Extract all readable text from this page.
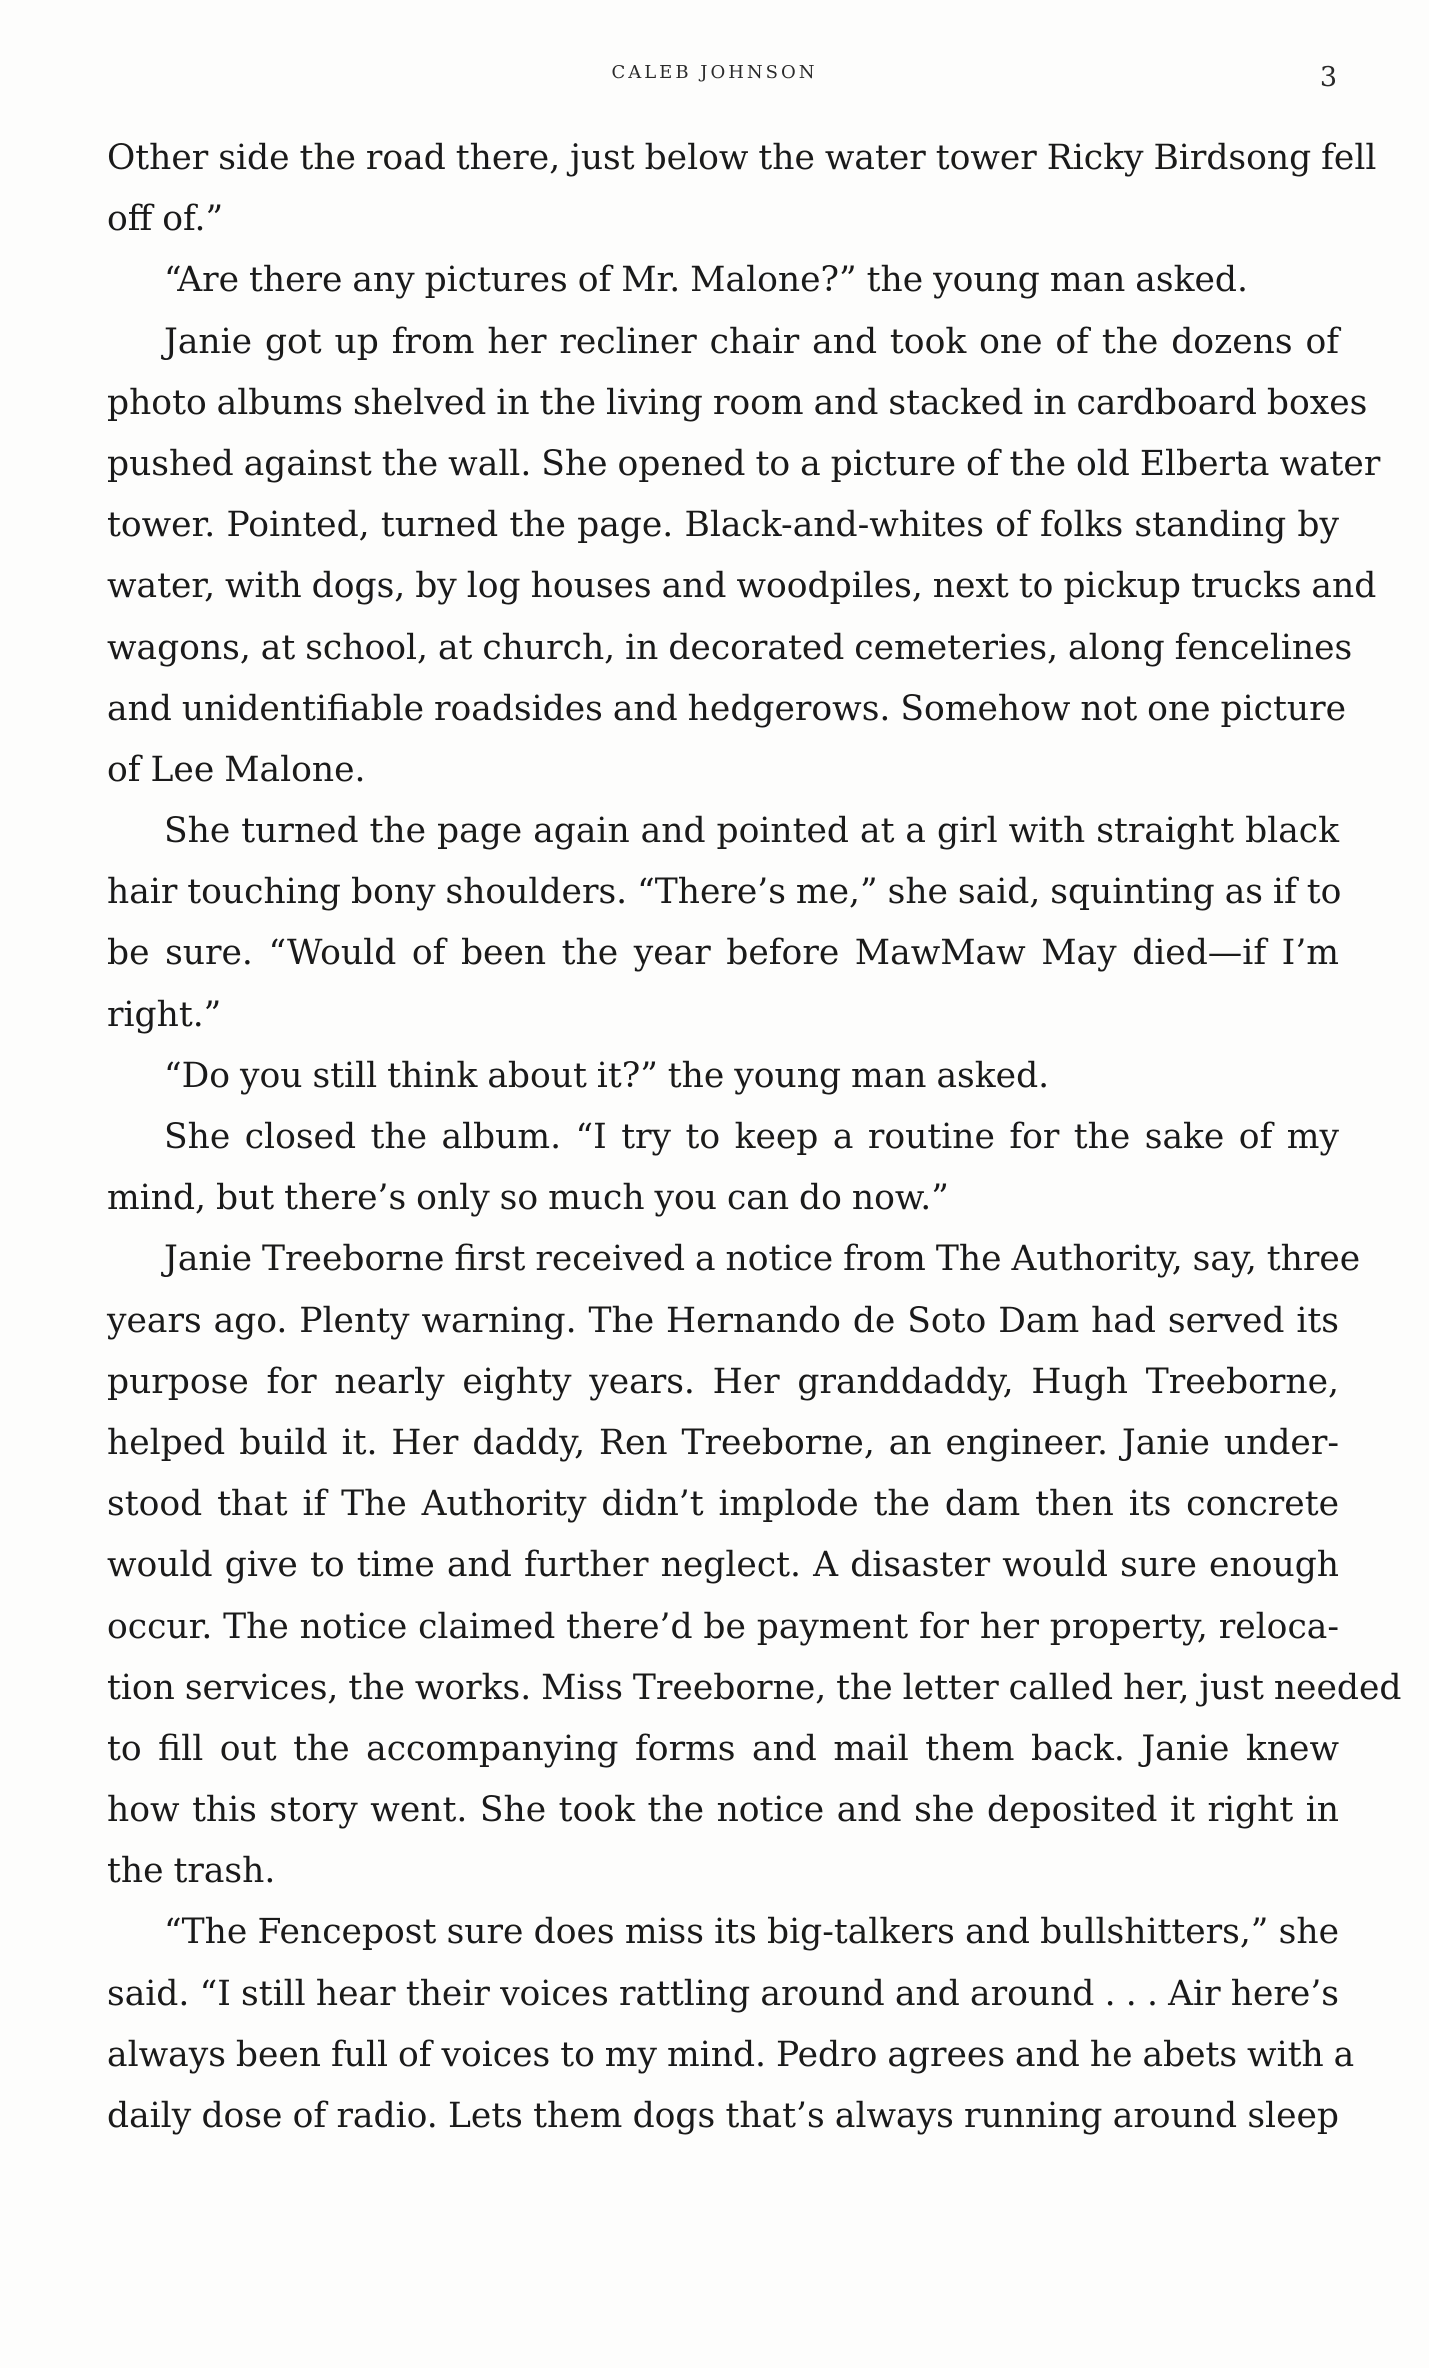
CALEB JOHNSON	3
Other side the road there, just below the water tower Ricky Birdsong fell
off of.”
“Are there any pictures of Mr. Malone?” the young man asked.
Janie got up from her recliner chair and took one of the dozens of
photo albums shelved in the living room and stacked in cardboard boxes
pushed against the wall. She opened to a picture of the old Elberta water
tower. Pointed, turned the page. Black-and-whites of folks standing by
water, with dogs, by log houses and woodpiles, next to pickup trucks and
wagons, at school, at church, in decorated cemeteries, along fencelines
and unidentifiable roadsides and hedgerows. Somehow not one picture
of Lee Malone.
She turned the page again and pointed at a girl with straight black
hair touching bony shoulders. “There’s me,” she said, squinting as if to
be sure. “Would of been the year before MawMaw May died—if I’m
right.”
“Do you still think about it?” the young man asked.
She closed the album. “I try to keep a routine for the sake of my
mind, but there’s only so much you can do now.”
Janie Treeborne first received a notice from The Authority, say, three
years ago. Plenty warning. The Hernando de Soto Dam had served its
purpose for nearly eighty years. Her granddaddy, Hugh Treeborne,
helped build it. Her daddy, Ren Treeborne, an engineer. Janie under-
stood that if The Authority didn’t implode the dam then its concrete
would give to time and further neglect. A disaster would sure enough
occur. The notice claimed there’d be payment for her property, reloca-
tion services, the works. Miss Treeborne, the letter called her, just needed
to fill out the accompanying forms and mail them back. Janie knew
how this story went. She took the notice and she deposited it right in
the trash.
“The Fencepost sure does miss its big-talkers and bullshitters,” she
said. “I still hear their voices rattling around and around . . . Air here’s
always been full of voices to my mind. Pedro agrees and he abets with a
daily dose of radio. Lets them dogs that’s always running around sleep
